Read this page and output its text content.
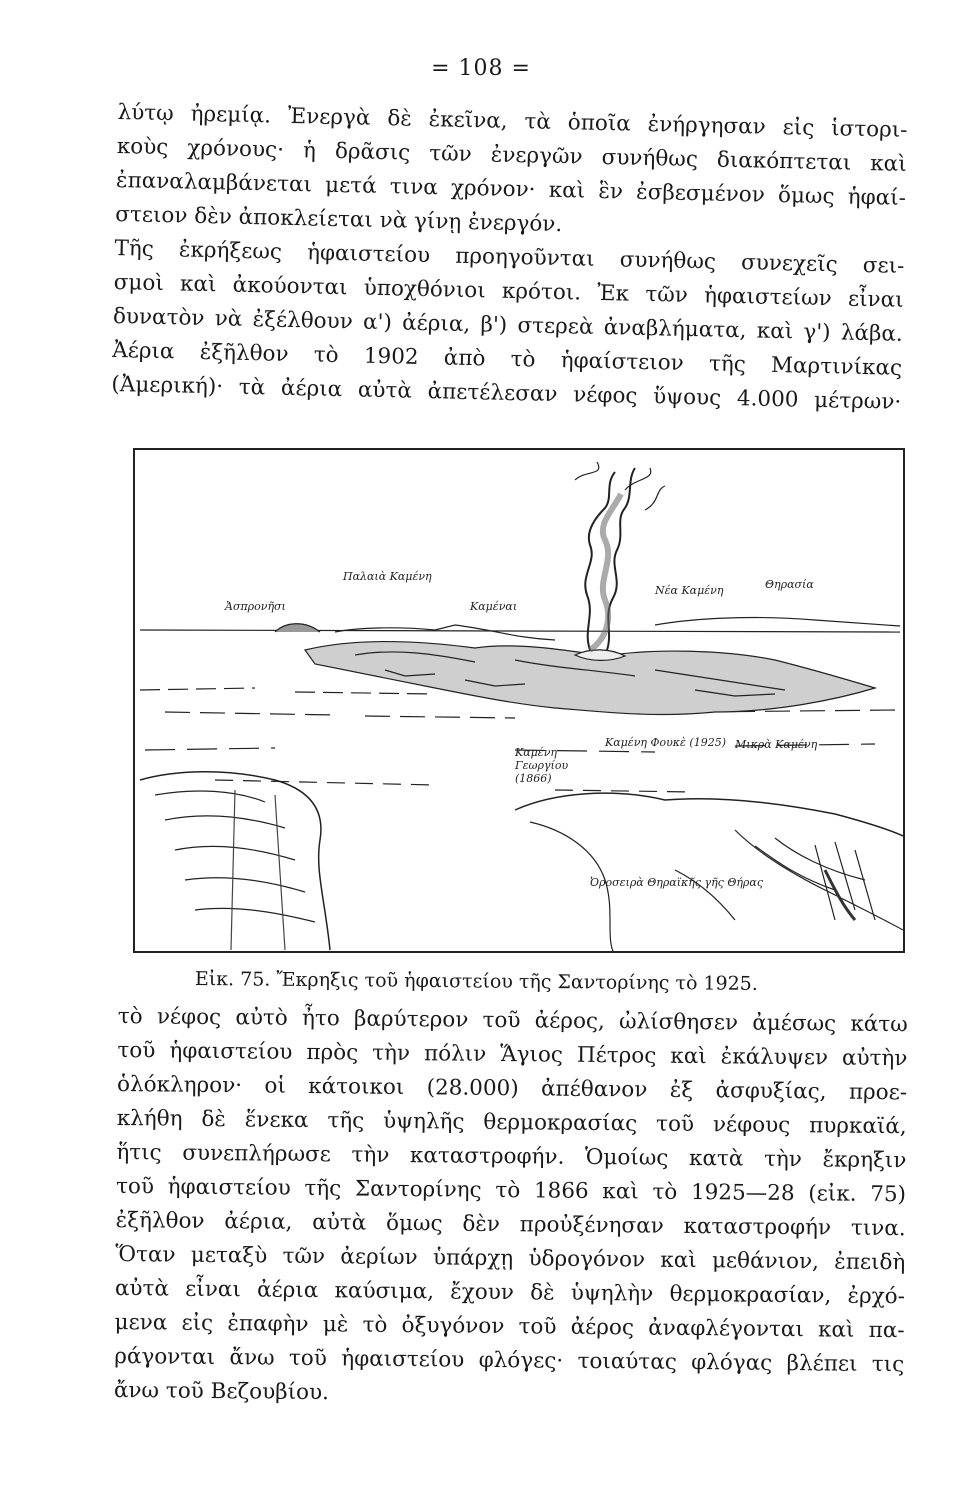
= 108 =

λύτῳ ἠρεμίᾳ. Ἐνεργὰ δὲ ἐκεῖνα, τὰ ὁποῖα ἐνήργησαν εἰς ἱστορι-

κοὺς χρόνους· ἡ δρᾶσις τῶν ἐνεργῶν συνήθως διακόπτεται καὶ

ἐπαναλαμβάνεται μετά τινα χρόνον· καὶ ἓν ἐσβεσμένον ὅμως ἡφαί-

στειον δὲν ἀποκλείεται νὰ γίνῃ ἐνεργόν.

Τῆς ἐκρήξεως ἡφαιστείου προηγοῦνται συνήθως συνεχεῖς σει-

σμοὶ καὶ ἀκούονται ὑποχθόνιοι κρότοι. Ἐκ τῶν ἡφαιστείων εἶναι

δυνατὸν νὰ ἐξέλθουν α') ἀέρια, β') στερεὰ ἀναβλήματα, καὶ γ') λάβα.

Ἀέρια ἐξῆλθον τὸ 1902 ἀπὸ τὸ ἡφαίστειον τῆς Μαρτινίκας

(Ἀμερική)· τὰ ἀέρια αὐτὰ ἀπετέλεσαν νέφος ὕψους 4.000 μέτρων·

Παλαιὰ Καμένη
Ἀσπρονῆσι	Καμέναι
Νέα Καμένη	Θηρασία
Καμένη Φουκὲ (1925) Μικρὰ Καμένη
Καμένη Γεωργίου (1866)
Ὀροσειρὰ Θηραϊκῆς γῆς Θήρας
Εἰκ. 75. Ἔκρηξις τοῦ ἡφαιστείου τῆς Σαντορίνης τὸ 1925.

τὸ νέφος αὐτὸ ἦτο βαρύτερον τοῦ ἀέρος, ὠλίσθησεν ἀμέσως κάτω

τοῦ ἡφαιστείου πρὸς τὴν πόλιν Ἅγιος Πέτρος καὶ ἐκάλυψεν αὐτὴν

ὁλόκληρον· οἱ κάτοικοι (28.000) ἀπέθανον ἐξ ἀσφυξίας, προε-

κλήθη δὲ ἕνεκα τῆς ὑψηλῆς θερμοκρασίας τοῦ νέφους πυρκαϊά,

ἥτις συνεπλήρωσε τὴν καταστροφήν. Ὁμοίως κατὰ τὴν ἔκρηξιν

τοῦ ἡφαιστείου τῆς Σαντορίνης τὸ 1866 καὶ τὸ 1925—28 (εἰκ. 75)

ἐξῆλθον ἀέρια, αὐτὰ ὅμως δὲν προὐξένησαν καταστροφήν τινα.

Ὅταν μεταξὺ τῶν ἀερίων ὑπάρχῃ ὑδρογόνον καὶ μεθάνιον, ἐπειδὴ

αὐτὰ εἶναι ἀέρια καύσιμα, ἔχουν δὲ ὑψηλὴν θερμοκρασίαν, ἐρχό-

μενα εἰς ἐπαφὴν μὲ τὸ ὀξυγόνον τοῦ ἀέρος ἀναφλέγονται καὶ πα-

ράγονται ἄνω τοῦ ἡφαιστείου φλόγες· τοιαύτας φλόγας βλέπει τις

ἄνω τοῦ Βεζουβίου.
